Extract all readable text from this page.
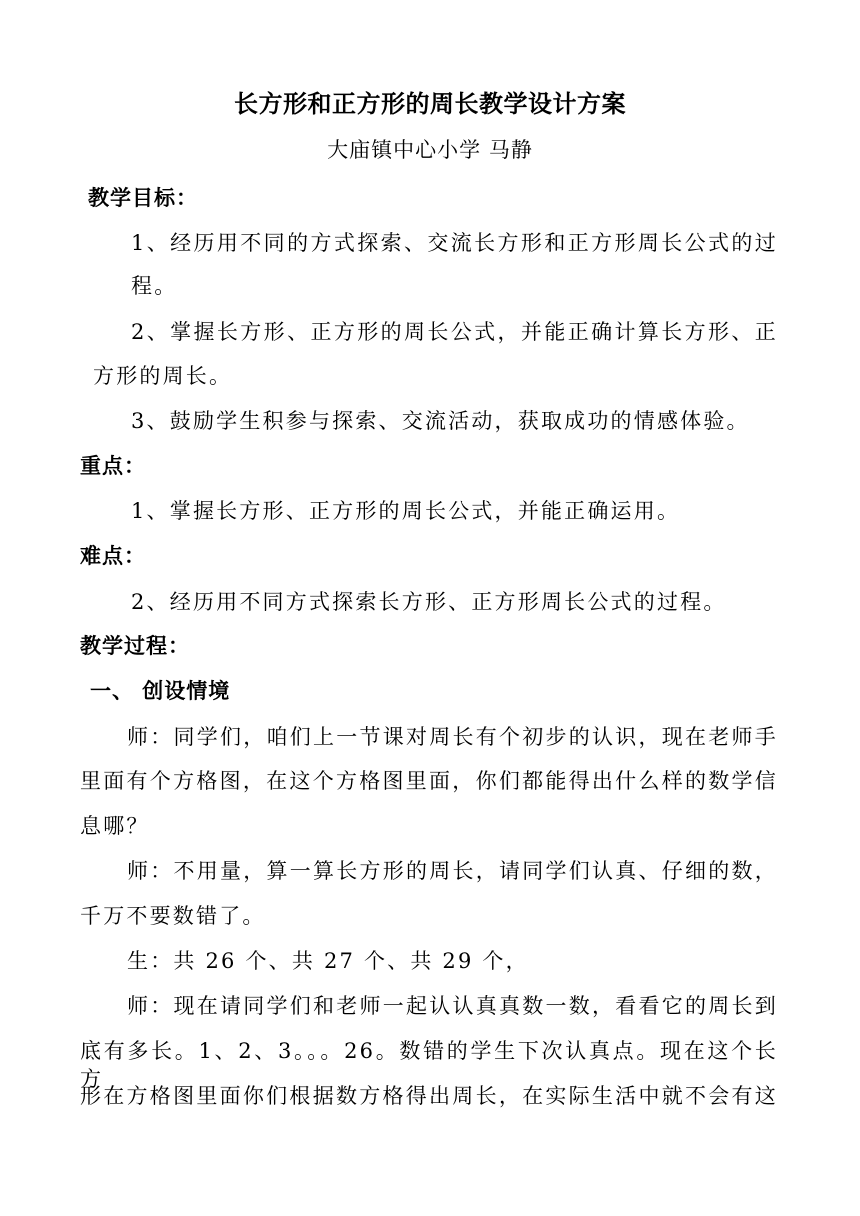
长方形和正方形的周长教学设计方案
大庙镇中心小学 马静
教学目标：
1、经历用不同的方式探索、交流长方形和正方形周长公式的过
程。
2、掌握长方形、正方形的周长公式，并能正确计算长方形、正
方形的周长。
3、鼓励学生积参与探索、交流活动，获取成功的情感体验。
重点：
1、掌握长方形、正方形的周长公式，并能正确运用。
难点：
2、经历用不同方式探索长方形、正方形周长公式的过程。
教学过程：
一、 创设情境
师：同学们，咱们上一节课对周长有个初步的认识，现在老师手
里面有个方格图，在这个方格图里面，你们都能得出什么样的数学信
息哪？
师：不用量，算一算长方形的周长，请同学们认真、仔细的数，
千万不要数错了。
生：共 26 个、共 27 个、共 29 个，
师：现在请同学们和老师一起认认真真数一数，看看它的周长到
底有多长。1、2、3。。。26。数错的学生下次认真点。现在这个长方
形在方格图里面你们根据数方格得出周长，在实际生活中就不会有这
